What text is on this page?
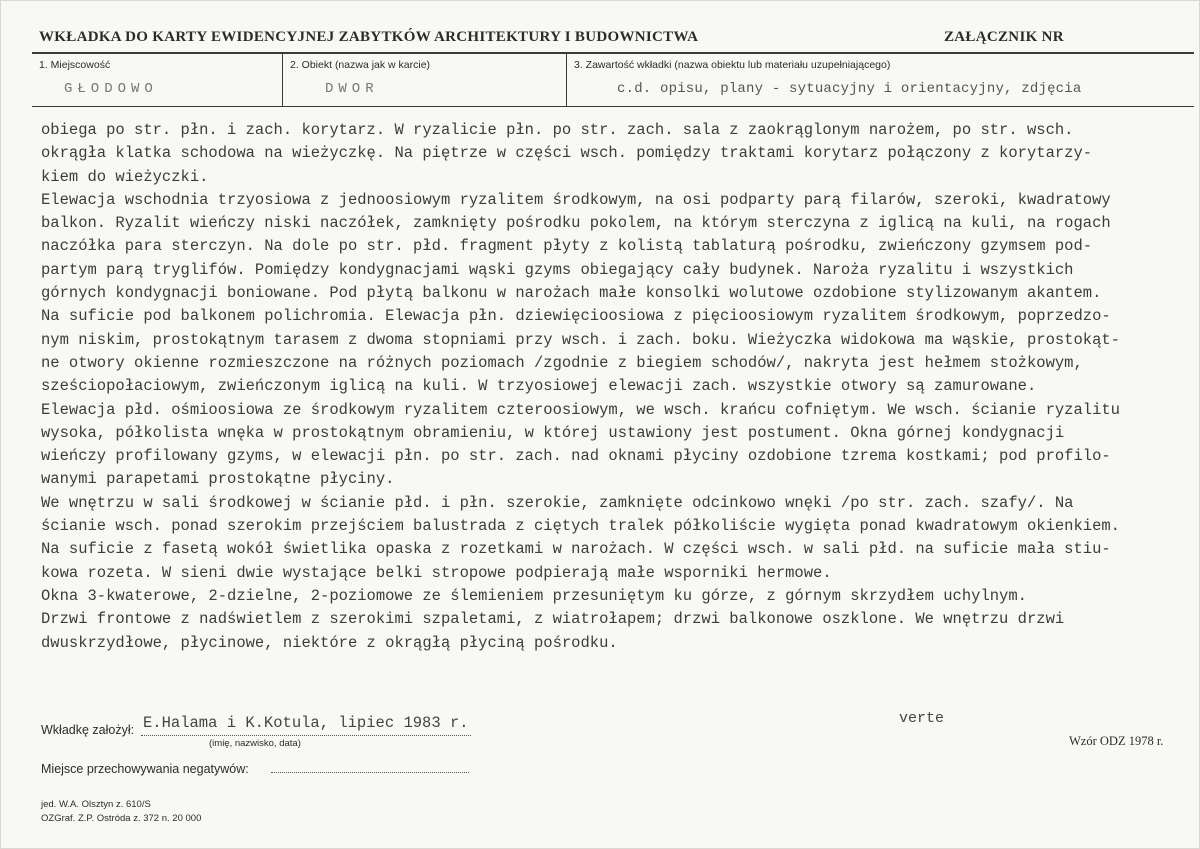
WKŁADKA DO KARTY EWIDENCYJNEJ ZABYTKÓW ARCHITEKTURY I BUDOWNICTWA	ZAŁĄCZNIK NR
1. Miejscowość
GŁODOWO
2. Obiekt (nazwa jak w karcie)
DWOR
3. Zawartość wkładki (nazwa obiektu lub materiału uzupełniającego)
c.d. opisu, plany - sytuacyjny i orientacyjny, zdjęcia
obiega po str. płn. i zach. korytarz. W ryzalicie płn. po str. zach. sala z zaokrąglonym narożem, po str. wsch.
okrągła klatka schodowa na wieżyczkę. Na piętrze w części wsch. pomiędzy traktami korytarz połączony z korytarzy-
kiem do wieżyczki.
Elewacja wschodnia trzyosiowa z jednoosiowym ryzalitem środkowym, na osi podparty parą filarów, szeroki, kwadratowy
balkon. Ryzalit wieńczy niski naczółek, zamknięty pośrodku pokolem, na którym sterczyna z iglicą na kuli, na rogach
naczółka para sterczyn. Na dole po str. płd. fragment płyty z kolistą tablaturą pośrodku, zwieńczony gzymsem pod-
partym parą tryglifów. Pomiędzy kondygnacjami wąski gzyms obiegający cały budynek. Naroża ryzalitu i wszystkich
górnych kondygnacji boniowane. Pod płytą balkonu w narożach małe konsolki wolutowe ozdobione stylizowanym akantem.
Na suficie pod balkonem polichromia. Elewacja płn. dziewięcioosiowa z pięcioosiowym ryzalitem środkowym, poprzedzo-
nym niskim, prostokątnym tarasem z dwoma stopniami przy wsch. i zach. boku. Wieżyczka widokowa ma wąskie, prostokąt-
ne otwory okienne rozmieszczone na różnych poziomach /zgodnie z biegiem schodów/, nakryta jest hełmem stożkowym,
sześciopołaciowym, zwieńczonym iglicą na kuli. W trzyosiowej elewacji zach. wszystkie otwory są zamurowane.
Elewacja płd. ośmioosiowa ze środkowym ryzalitem czteroosiowym, we wsch. krańcu cofniętym. We wsch. ścianie ryzalitu
wysoka, półkolista wnęka w prostokątnym obramieniu, w której ustawiony jest postument. Okna górnej kondygnacji
wieńczy profilowany gzyms, w elewacji płn. po str. zach. nad oknami płyciny ozdobione tzrema kostkami; pod profilo-
wanymi parapetami prostokątne płyciny.
We wnętrzu w sali środkowej w ścianie płd. i płn. szerokie, zamknięte odcinkowo wnęki /po str. zach. szafy/. Na
ścianie wsch. ponad szerokim przejściem balustrada z ciętych tralek półkoliście wygięta ponad kwadratowym okienkiem.
Na suficie z fasetą wokół świetlika opaska z rozetkami w narożach. W części wsch. w sali płd. na suficie mała stiu-
kowa rozeta. W sieni dwie wystające belki stropowe podpierają małe wsporniki hermowe.
Okna 3-kwaterowe, 2-dzielne, 2-poziomowe ze ślemieniem przesuniętym ku górze, z górnym skrzydłem uchylnym.
Drzwi frontowe z nadświetlem z szerokimi szpaletami, z wiatrołapem; drzwi balkonowe oszklone. We wnętrzu drzwi
dwuskrzydłowe, płycinowe, niektóre z okrągłą płyciną pośrodku.
verte
Wkładkę założył: E.Halama i K.Kotula, lipiec 1983 r.
(imię, nazwisko, data)	Wzór ODZ 1978 r.
Miejsce przechowywania negatywów:
jed. W.A. Olsztyn z. 610/S
OZGraf. Z.P. Ostróda z. 372 n. 20 000
